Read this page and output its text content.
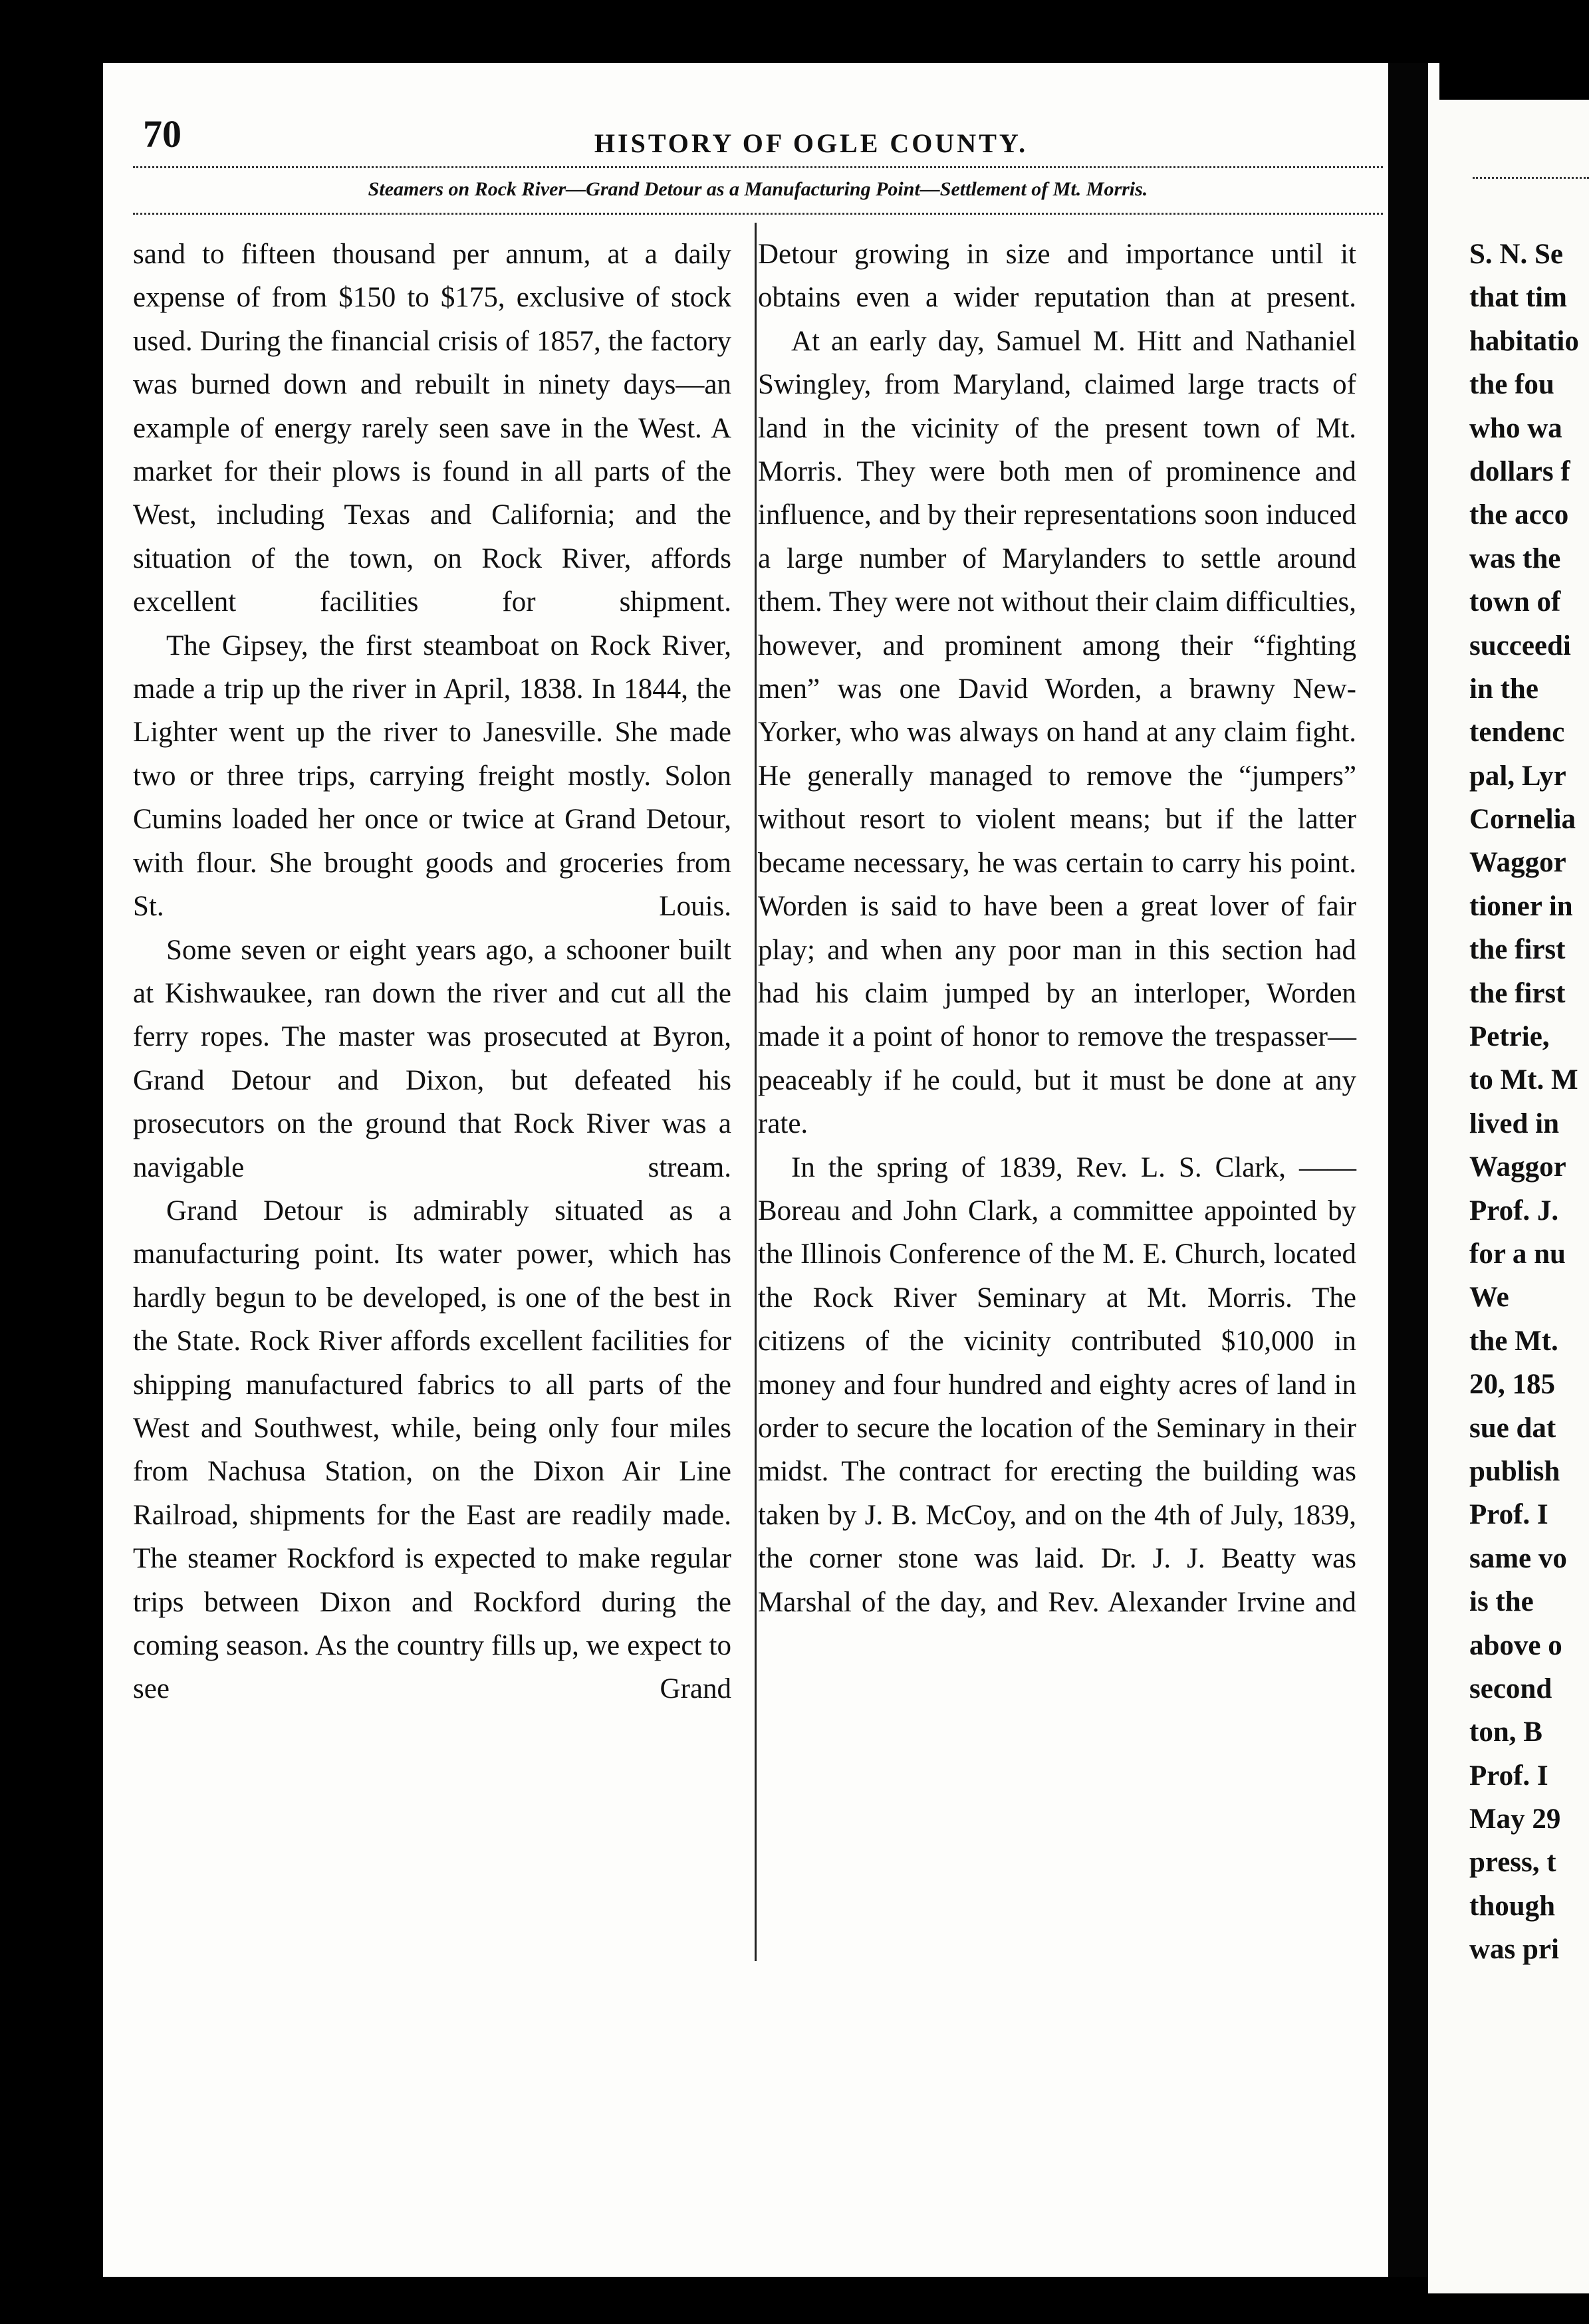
70	HISTORY OF OGLE COUNTY.
Steamers on Rock River—Grand Detour as a Manufacturing Point—Settlement of Mt. Morris.

sand to fifteen thousand per annum, at a daily expense of from $150 to $175, exclusive of stock used. During the financial crisis of 1857, the factory was burned down and rebuilt in ninety days—an example of energy rarely seen save in the West. A market for their plows is found in all parts of the West, including Texas and California; and the situation of the town, on Rock River, affords excellent facilities for shipment.

The Gipsey, the first steamboat on Rock River, made a trip up the river in April, 1838. In 1844, the Lighter went up the river to Janesville. She made two or three trips, carrying freight mostly. Solon Cumins loaded her once or twice at Grand Detour, with flour. She brought goods and groceries from St. Louis.

Some seven or eight years ago, a schooner built at Kishwaukee, ran down the river and cut all the ferry ropes. The master was prosecuted at Byron, Grand Detour and Dixon, but defeated his prosecutors on the ground that Rock River was a navigable stream.

Grand Detour is admirably situated as a manufacturing point. Its water power, which has hardly begun to be developed, is one of the best in the State. Rock River affords excellent facilities for shipping manufactured fabrics to all parts of the West and Southwest, while, being only four miles from Nachusa Station, on the Dixon Air Line Railroad, shipments for the East are readily made. The steamer Rockford is expected to make regular trips between Dixon and Rockford during the coming season. As the country fills up, we expect to see Grand

Detour growing in size and importance until it obtains even a wider reputation than at present.

At an early day, Samuel M. Hitt and Nathaniel Swingley, from Maryland, claimed large tracts of land in the vicinity of the present town of Mt. Morris. They were both men of prominence and influence, and by their representations soon induced a large number of Marylanders to settle around them. They were not without their claim difficulties, however, and prominent among their “fighting men” was one David Worden, a brawny New-Yorker, who was always on hand at any claim fight. He generally managed to remove the “jumpers” without resort to violent means; but if the latter became necessary, he was certain to carry his point. Worden is said to have been a great lover of fair play; and when any poor man in this section had had his claim jumped by an interloper, Worden made it a point of honor to remove the trespasser—peaceably if he could, but it must be done at any rate.

In the spring of 1839, Rev. L. S. Clark, —— Boreau and John Clark, a committee appointed by the Illinois Conference of the M. E. Church, located the Rock River Seminary at Mt. Morris. The citizens of the vicinity contributed $10,000 in money and four hundred and eighty acres of land in order to secure the location of the Seminary in their midst. The contract for erecting the building was taken by J. B. McCoy, and on the 4th of July, 1839, the corner stone was laid. Dr. J. J. Beatty was Marshal of the day, and Rev. Alexander Irvine and

S. N. Se
that tim
habitatio
the fou
who wa
dollars f
the acco
was the
town of
succeedi
in the
tendenc
pal, Lyr
Cornelia
Waggor
tioner in
the first
the first
Petrie,
to Mt. M
lived in
Waggor
Prof. J.
for a nu
We
the Mt.
20, 185
sue dat
publish
Prof. I
same vo
is the
above o
second
ton, B
Prof. I
May 29
press, t
though
was pri
